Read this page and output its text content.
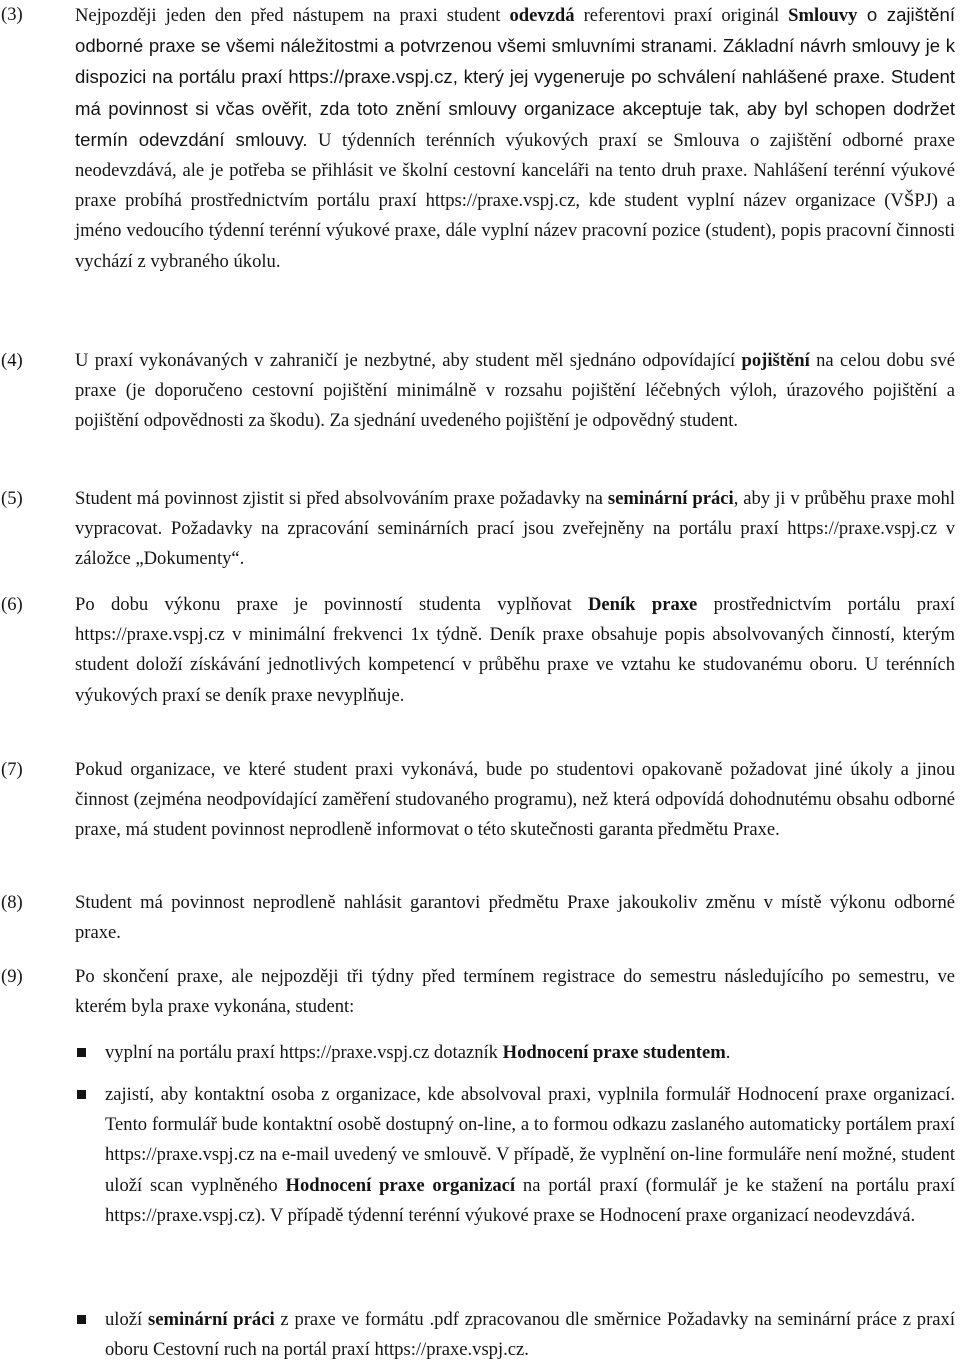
(3)	Nejpozději jeden den před nástupem na praxi student odevzdá referentovi praxí originál Smlouvy o zajištění odborné praxe se všemi náležitostmi a potvrzenou všemi smluvními stranami. Základní návrh smlouvy je k dispozici na portálu praxí https://praxe.vspj.cz, který jej vygeneruje po schválení nahlášené praxe. Student má povinnost si včas ověřit, zda toto znění smlouvy organizace akceptuje tak, aby byl schopen dodržet termín odevzdání smlouvy. U týdenních terénních výukových praxí se Smlouva o zajištění odborné praxe neodevzdává, ale je potřeba se přihlásit ve školní cestovní kanceláři na tento druh praxe. Nahlášení terénní výukové praxe probíhá prostřednictvím portálu praxí https://praxe.vspj.cz, kde student vyplní název organizace (VŠPJ) a jméno vedoucího týdenní terénní výukové praxe, dále vyplní název pracovní pozice (student), popis pracovní činnosti vychází z vybraného úkolu.
(4)	U praxí vykonávaných v zahraničí je nezbytné, aby student měl sjednáno odpovídající pojištění na celou dobu své praxe (je doporučeno cestovní pojištění minimálně v rozsahu pojištění léčebných výloh, úrazového pojištění a pojištění odpovědnosti za škodu). Za sjednání uvedeného pojištění je odpovědný student.
(5)	Student má povinnost zjistit si před absolvováním praxe požadavky na seminární práci, aby ji v průběhu praxe mohl vypracovat. Požadavky na zpracování seminárních prací jsou zveřejněny na portálu praxí https://praxe.vspj.cz v záložce „Dokumenty“.
(6)	Po dobu výkonu praxe je povinností studenta vyplňovat Deník praxe prostřednictvím portálu praxí https://praxe.vspj.cz v minimální frekvenci 1x týdně. Deník praxe obsahuje popis absolvovaných činností, kterým student doloží získávání jednotlivých kompetencí v průběhu praxe ve vztahu ke studovanému oboru. U terénních výukových praxí se deník praxe nevyplňuje.
(7)	Pokud organizace, ve které student praxi vykonává, bude po studentovi opakovaně požadovat jiné úkoly a jinou činnost (zejména neodpovídající zaměření studovaného programu), než která odpovídá dohodnutému obsahu odborné praxe, má student povinnost neprodleně informovat o této skutečnosti garanta předmětu Praxe.
(8)	Student má povinnost neprodleně nahlásit garantovi předmětu Praxe jakoukoliv změnu v místě výkonu odborné praxe.
(9)	Po skončení praxe, ale nejpozději tři týdny před termínem registrace do semestru následujícího po semestru, ve kterém byla praxe vykonána, student:
vyplní na portálu praxí https://praxe.vspj.cz dotazník Hodnocení praxe studentem.
zajistí, aby kontaktní osoba z organizace, kde absolvoval praxi, vyplnila formulář Hodnocení praxe organizací. Tento formulář bude kontaktní osobě dostupný on-line, a to formou odkazu zaslaného automaticky portálem praxí https://praxe.vspj.cz na e-mail uvedený ve smlouvě. V případě, že vyplnění on-line formuláře není možné, student uloží scan vyplněného Hodnocení praxe organizací na portál praxí (formulář je ke stažení na portálu praxí https://praxe.vspj.cz). V případě týdenní terénní výukové praxe se Hodnocení praxe organizací neodevzdává.
uloží seminární práci z praxe ve formátu .pdf zpracovanou dle směrnice Požadavky na seminární práce z praxí oboru Cestovní ruch na portál praxí https://praxe.vspj.cz.
